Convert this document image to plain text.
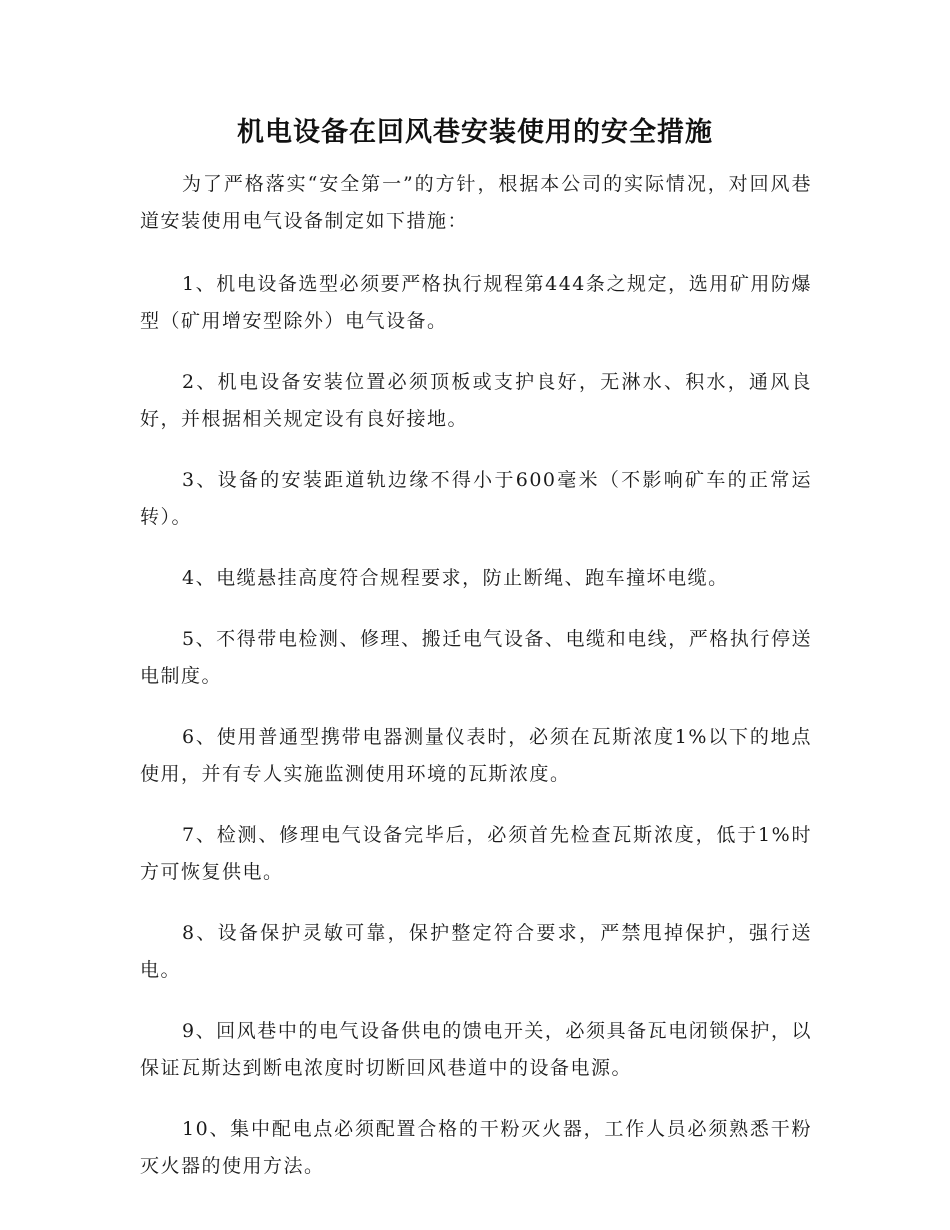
机电设备在回风巷安装使用的安全措施

为了严格落实“安全第一”的方针，根据本公司的实际情况，对回风巷道安装使用电气设备制定如下措施：

1、机电设备选型必须要严格执行规程第444条之规定，选用矿用防爆型（矿用增安型除外）电气设备。

2、机电设备安装位置必须顶板或支护良好，无淋水、积水，通风良好，并根据相关规定设有良好接地。

3、设备的安装距道轨边缘不得小于600毫米（不影响矿车的正常运转）。

4、电缆悬挂高度符合规程要求，防止断绳、跑车撞坏电缆。

5、不得带电检测、修理、搬迁电气设备、电缆和电线，严格执行停送电制度。

6、使用普通型携带电器测量仪表时，必须在瓦斯浓度1%以下的地点使用，并有专人实施监测使用环境的瓦斯浓度。

7、检测、修理电气设备完毕后，必须首先检查瓦斯浓度，低于1%时方可恢复供电。

8、设备保护灵敏可靠，保护整定符合要求，严禁甩掉保护，强行送电。

9、回风巷中的电气设备供电的馈电开关，必须具备瓦电闭锁保护，以保证瓦斯达到断电浓度时切断回风巷道中的设备电源。

10、集中配电点必须配置合格的干粉灭火器，工作人员必须熟悉干粉灭火器的使用方法。
